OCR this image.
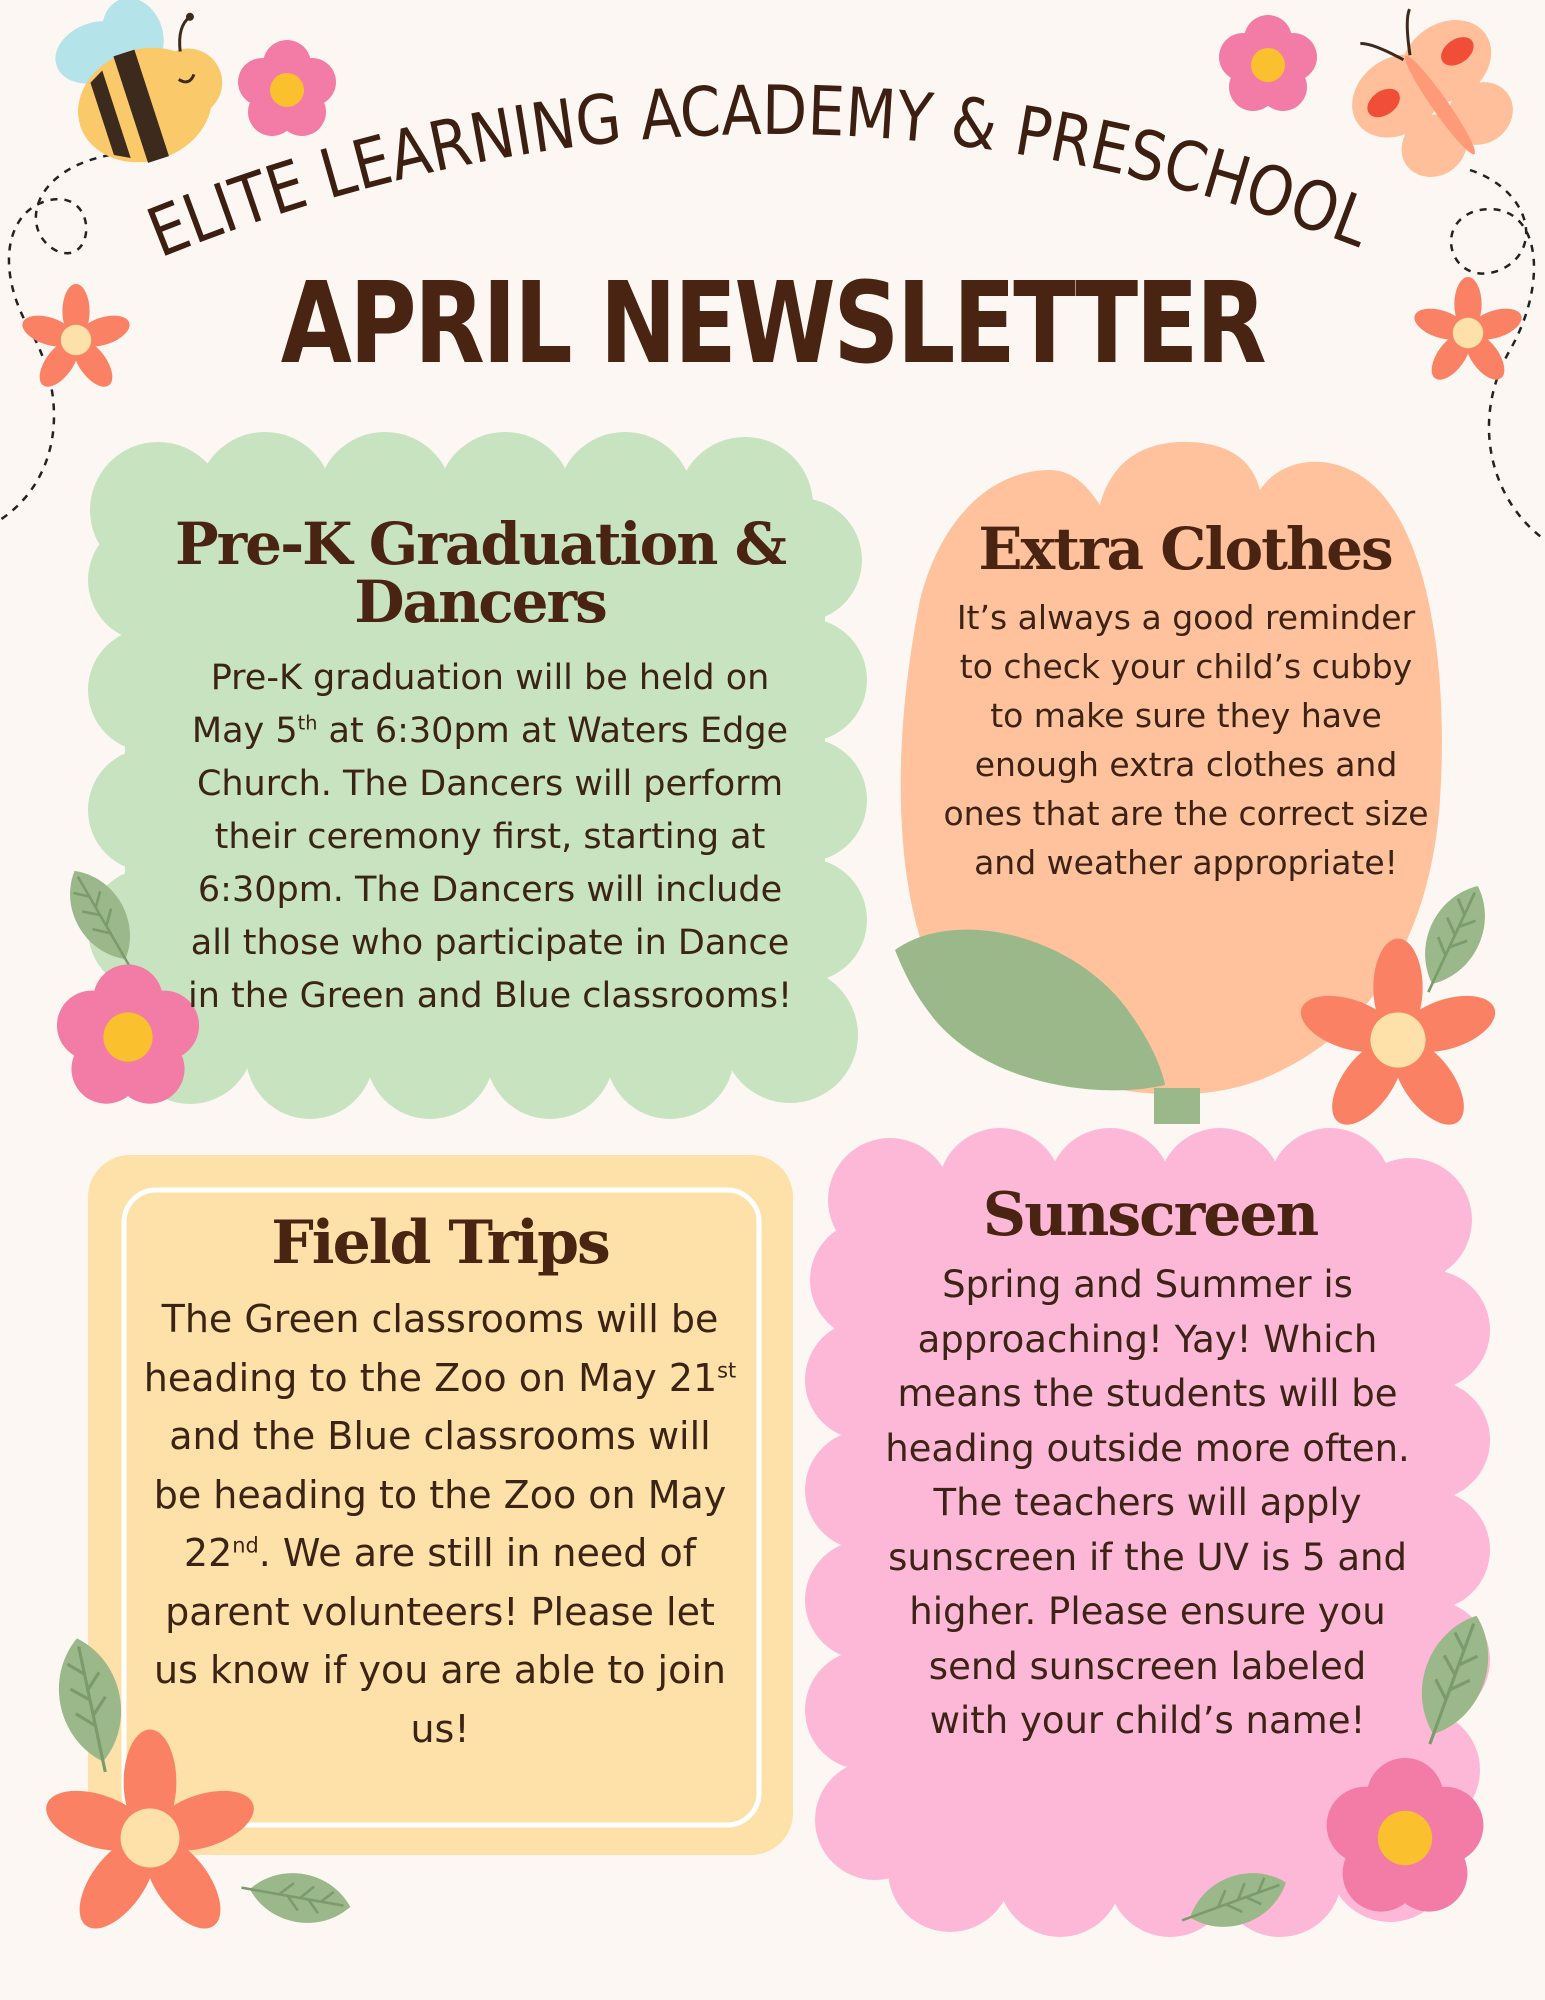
ELITE LEARNING ACADEMY & PRESCHOOL
APRIL NEWSLETTER
Pre-K Graduation &
Dancers

Pre-K graduation will be held on May 5th at 6:30pm at Waters Edge Church. The Dancers will perform their ceremony first, starting at 6:30pm. The Dancers will include all those who participate in Dance in the Green and Blue classrooms!

Extra Clothes

It’s always a good reminder to check your child’s cubby to make sure they have enough extra clothes and ones that are the correct size and weather appropriate!

Field Trips

The Green classrooms will be heading to the Zoo on May 21st and the Blue classrooms will be heading to the Zoo on May 22nd. We are still in need of parent volunteers! Please let us know if you are able to join us!

Sunscreen

Spring and Summer is approaching! Yay! Which means the students will be heading outside more often. The teachers will apply sunscreen if the UV is 5 and higher. Please ensure you send sunscreen labeled with your child’s name!
